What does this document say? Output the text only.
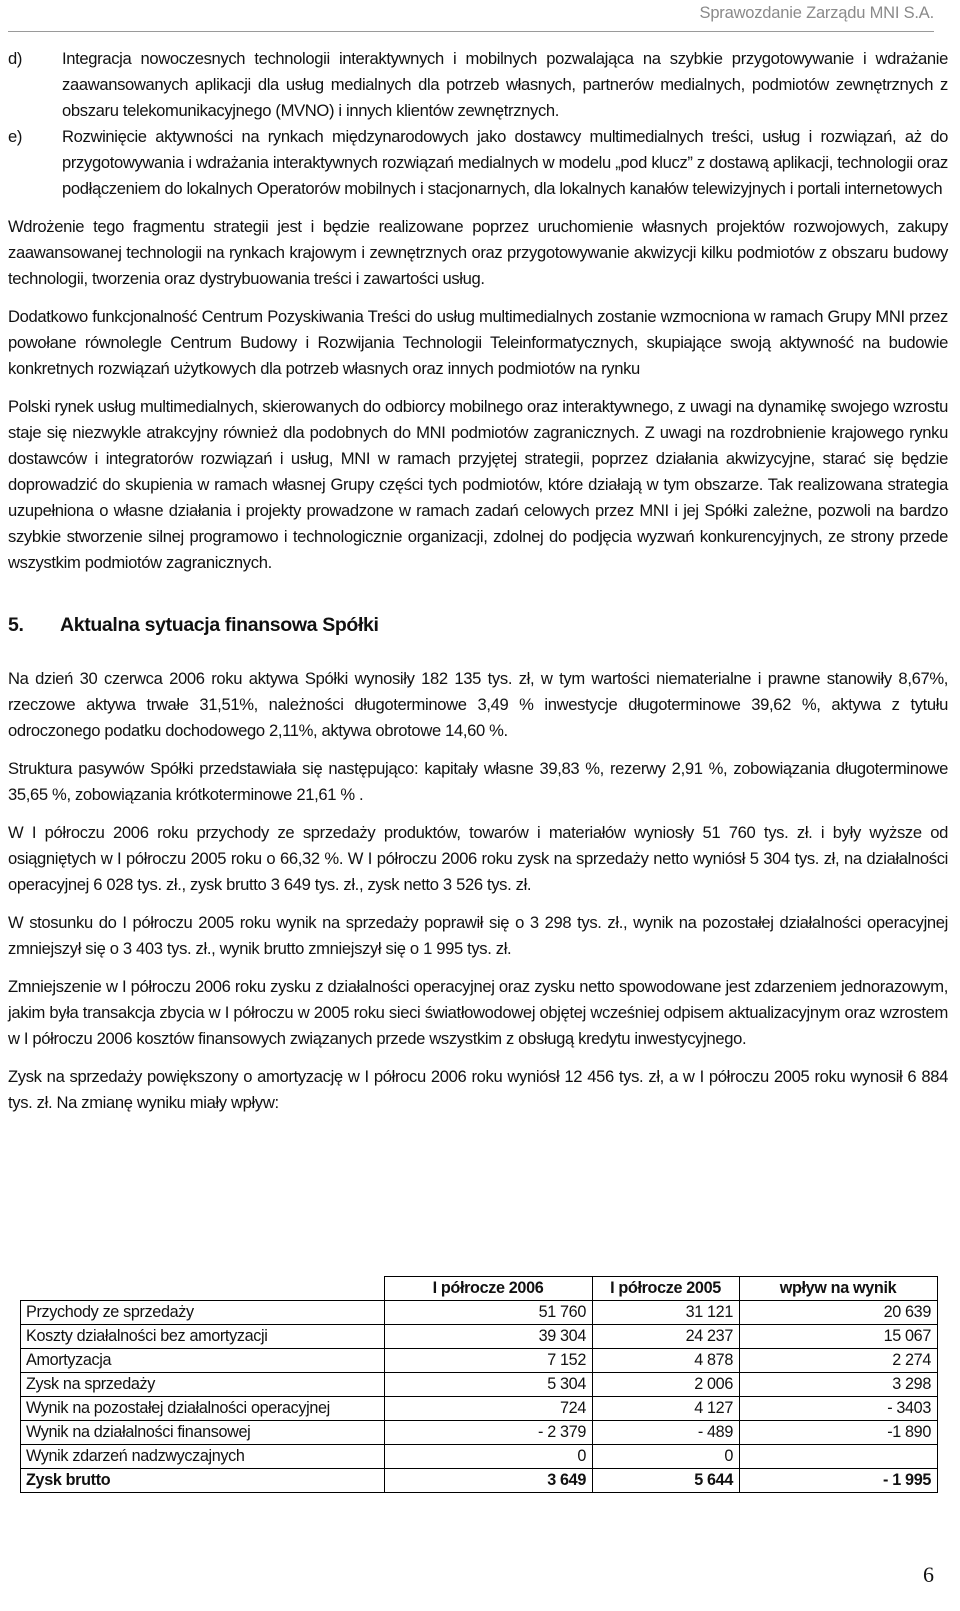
Sprawozdanie Zarządu MNI S.A.
d) Integracja nowoczesnych technologii interaktywnych i mobilnych pozwalająca na szybkie przygotowywanie i wdrażanie zaawansowanych aplikacji dla usług medialnych dla potrzeb własnych, partnerów medialnych, podmiotów zewnętrznych z obszaru telekomunikacyjnego (MVNO) i innych klientów zewnętrznych.
e) Rozwinięcie aktywności na rynkach międzynarodowych jako dostawcy multimedialnych treści, usług i rozwiązań, aż do przygotowywania i wdrażania interaktywnych rozwiązań medialnych w modelu „pod klucz” z dostawą aplikacji, technologii oraz podłączeniem do lokalnych Operatorów mobilnych i stacjonarnych, dla lokalnych kanałów telewizyjnych i portali internetowych

Wdrożenie tego fragmentu strategii jest i będzie realizowane poprzez uruchomienie własnych projektów rozwojowych, zakupy zaawansowanej technologii na rynkach krajowym i zewnętrznych oraz przygotowywanie akwizycji kilku podmiotów z obszaru budowy technologii, tworzenia oraz dystrybuowania treści i zawartości usług.

Dodatkowo funkcjonalność Centrum Pozyskiwania Treści do usług multimedialnych zostanie wzmocniona w ramach Grupy MNI przez powołane równolegle Centrum Budowy i Rozwijania Technologii Teleinformatycznych, skupiające swoją aktywność na budowie konkretnych rozwiązań użytkowych dla potrzeb własnych oraz innych podmiotów na rynku

Polski rynek usług multimedialnych, skierowanych do odbiorcy mobilnego oraz interaktywnego, z uwagi na dynamikę swojego wzrostu staje się niezwykle atrakcyjny również dla podobnych do MNI podmiotów zagranicznych. Z uwagi na rozdrobnienie krajowego rynku dostawców i integratorów rozwiązań i usług, MNI w ramach przyjętej strategii, poprzez działania akwizycyjne, starać się będzie doprowadzić do skupienia w ramach własnej Grupy części tych podmiotów, które działają w tym obszarze. Tak realizowana strategia uzupełniona o własne działania i projekty prowadzone w ramach zadań celowych przez MNI i jej Spółki zależne, pozwoli na bardzo szybkie stworzenie silnej programowo i technologicznie organizacji, zdolnej do podjęcia wyzwań konkurencyjnych, ze strony przede wszystkim podmiotów zagranicznych.

5. Aktualna sytuacja finansowa Spółki

Na dzień 30 czerwca 2006 roku aktywa Spółki wynosiły 182 135 tys. zł, w tym wartości niematerialne i prawne stanowiły 8,67%, rzeczowe aktywa trwałe 31,51%, należności długoterminowe 3,49 % inwestycje długoterminowe 39,62 %, aktywa z tytułu odroczonego podatku dochodowego 2,11%, aktywa obrotowe 14,60 %.

Struktura pasywów Spółki przedstawiała się następująco: kapitały własne 39,83 %, rezerwy 2,91 %, zobowiązania długoterminowe 35,65 %, zobowiązania krótkoterminowe 21,61 % .

W I półroczu 2006 roku przychody ze sprzedaży produktów, towarów i materiałów wyniosły 51 760 tys. zł. i były wyższe od osiągniętych w I półroczu 2005 roku o 66,32 %. W I półroczu 2006 roku zysk na sprzedaży netto wyniósł 5 304 tys. zł, na działalności operacyjnej 6 028 tys. zł., zysk brutto 3 649 tys. zł., zysk netto 3 526 tys. zł.

W stosunku do I półroczu 2005 roku wynik na sprzedaży poprawił się o 3 298 tys. zł., wynik na pozostałej działalności operacyjnej zmniejszył się o 3 403 tys. zł., wynik brutto zmniejszył się o 1 995 tys. zł.

Zmniejszenie w I półroczu 2006 roku zysku z działalności operacyjnej oraz zysku netto spowodowane jest zdarzeniem jednorazowym, jakim była transakcja zbycia w I półroczu w 2005 roku sieci światłowodowej objętej wcześniej odpisem aktualizacyjnym oraz wzrostem w I półroczu 2006 kosztów finansowych związanych przede wszystkim z obsługą kredytu inwestycyjnego.

Zysk na sprzedaży powiększony o amortyzację w I półrocu 2006 roku wyniósł 12 456 tys. zł, a w I półroczu 2005 roku wynosił 6 884 tys. zł. Na zmianę wyniku miały wpływ:

	I półrocze 2006	I półrocze 2005	wpływ na wynik
Przychody ze sprzedaży	51 760	31 121	20 639
Koszty działalności bez amortyzacji	39 304	24 237	15 067
Amortyzacja	7 152	4 878	2 274
Zysk na sprzedaży	5 304	2 006	3 298
Wynik na pozostałej działalności operacyjnej	724	4 127	- 3403
Wynik na działalności finansowej	- 2 379	- 489	-1 890
Wynik zdarzeń nadzwyczajnych	0	0	
Zysk brutto	3 649	5 644	- 1 995
6
